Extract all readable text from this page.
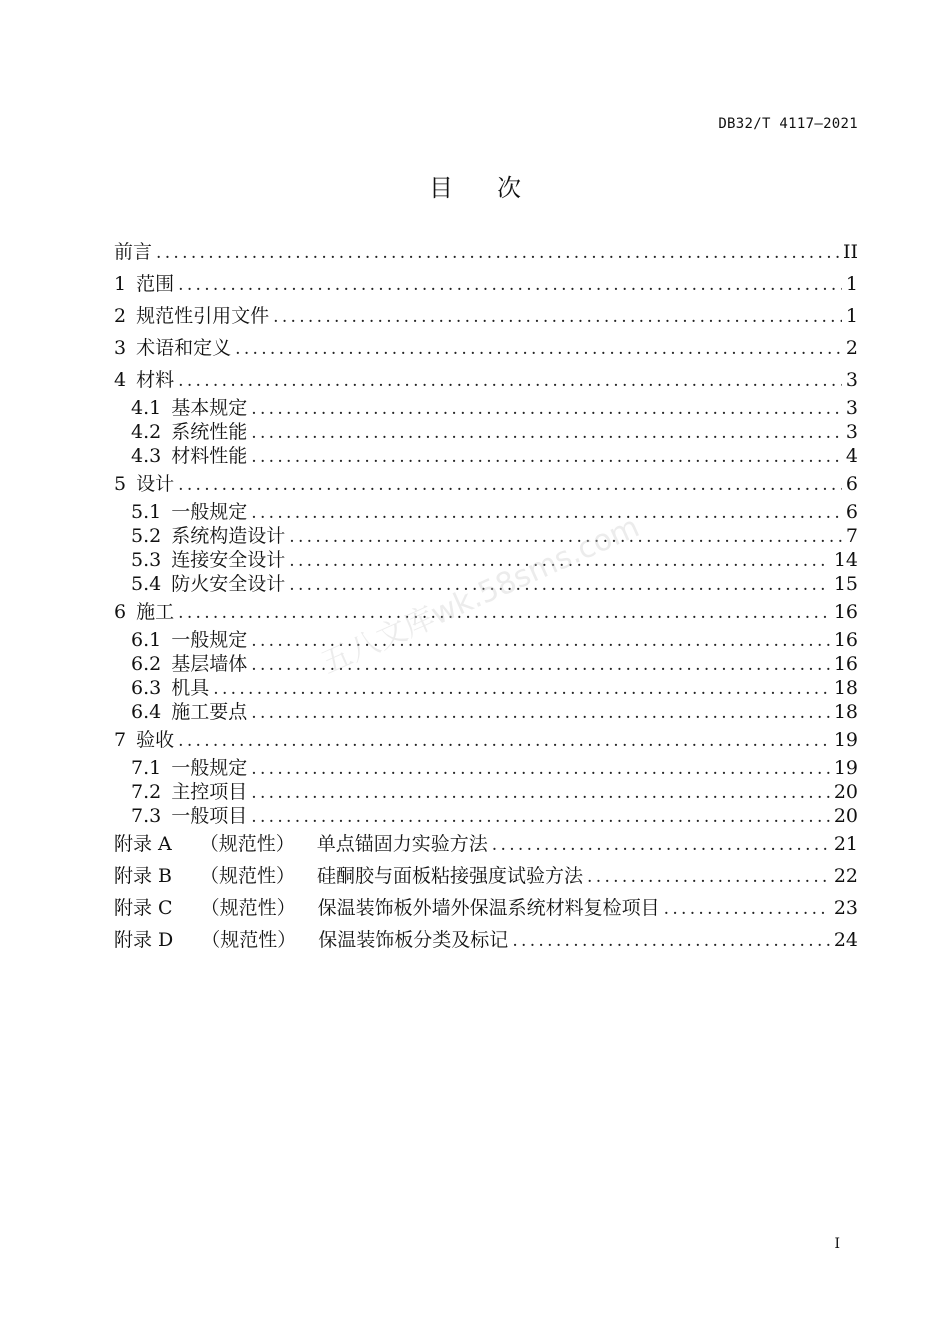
DB32/T 4117—2021
目次
前言 .....	II
1 范围 .....	1
2 规范性引用文件 .....	1
3 术语和定义 .....	2
4 材料 .....	3
4.1 基本规定 .....	3
4.2 系统性能 .....	3
4.3 材料性能 .....	4
5 设计 .....	6
5.1 一般规定 .....	6
5.2 系统构造设计 .....	7
5.3 连接安全设计 .....	14
5.4 防火安全设计 .....	15
6 施工 .....	16
6.1 一般规定 .....	16
6.2 基层墙体 .....	16
6.3 机具 .....	18
6.4 施工要点 .....	18
7 验收 .....	19
7.1 一般规定 .....	19
7.2 主控项目 .....	20
7.3 一般项目 .....	20
附录 A （规范性） 单点锚固力实验方法 .....	21
附录 B （规范性） 硅酮胶与面板粘接强度试验方法 .....	22
附录 C （规范性） 保温装饰板外墙外保温系统材料复检项目 .....	23
附录 D （规范性） 保温装饰板分类及标记 .....	24
五八文库wk.58sms.com
I
